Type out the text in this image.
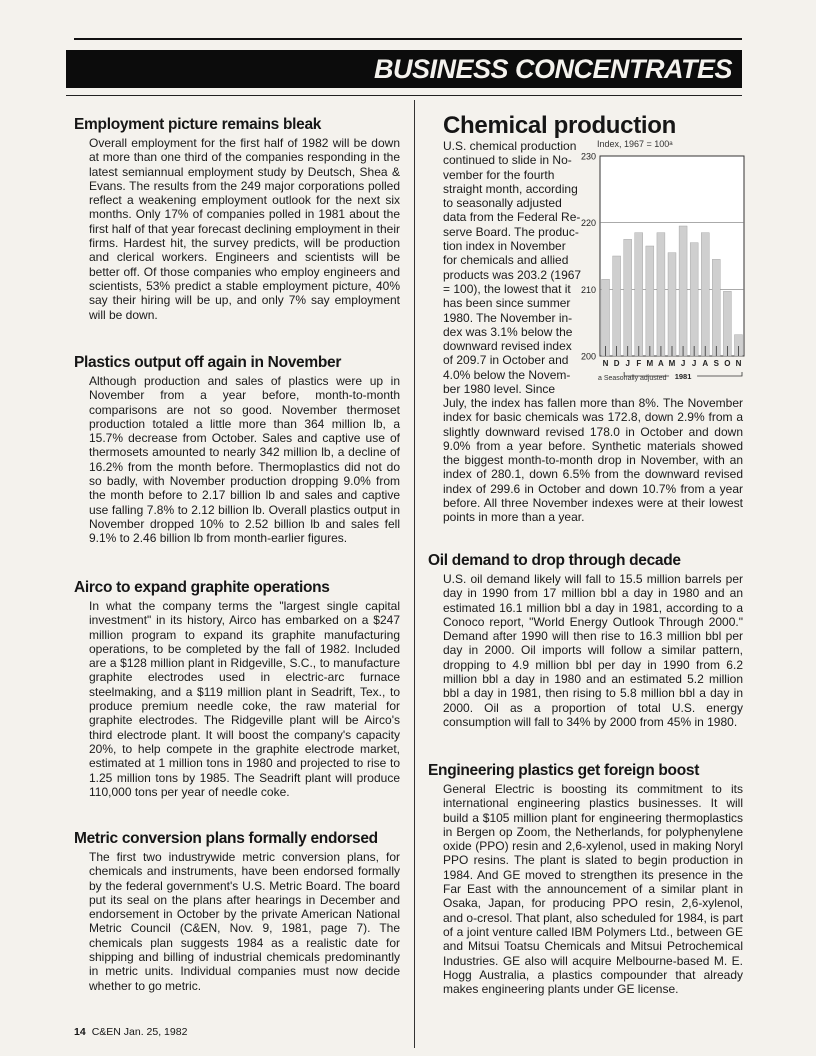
BUSINESS CONCENTRATES
Employment picture remains bleak

Overall employment for the first half of 1982 will be down at more than one third of the companies responding in the latest semiannual employment study by Deutsch, Shea & Evans. The results from the 249 major corporations polled reflect a weakening employment outlook for the next six months. Only 17% of companies polled in 1981 about the first half of that year forecast declining employment in their firms. Hardest hit, the survey predicts, will be production and clerical workers. Engineers and scientists will be better off. Of those companies who employ engineers and scientists, 53% predict a stable employment picture, 40% say their hiring will be up, and only 7% say employment will be down.

Plastics output off again in November

Although production and sales of plastics were up in November from a year before, month-to-month comparisons are not so good. November thermoset production totaled a little more than 364 million lb, a 15.7% decrease from October. Sales and captive use of thermosets amounted to nearly 342 million lb, a decline of 16.2% from the month before. Thermoplastics did not do so badly, with November production dropping 9.0% from the month before to 2.17 billion lb and sales and captive use falling 7.8% to 2.12 billion lb. Overall plastics output in November dropped 10% to 2.52 billion lb and sales fell 9.1% to 2.46 billion lb from month-earlier figures.

Airco to expand graphite operations

In what the company terms the "largest single capital investment" in its history, Airco has embarked on a $247 million program to expand its graphite manufacturing operations, to be completed by the fall of 1982. Included are a $128 million plant in Ridgeville, S.C., to manufacture graphite electrodes used in electric-arc furnace steelmaking, and a $119 million plant in Seadrift, Tex., to produce premium needle coke, the raw material for graphite electrodes. The Ridgeville plant will be Airco's third electrode plant. It will boost the company's capacity 20%, to help compete in the graphite electrode market, estimated at 1 million tons in 1980 and projected to rise to 1.25 million tons by 1985. The Seadrift plant will produce 110,000 tons per year of needle coke.

Metric conversion plans formally endorsed

The first two industrywide metric conversion plans, for chemicals and instruments, have been endorsed formally by the federal government's U.S. Metric Board. The board put its seal on the plans after hearings in December and endorsement in October by the private American National Metric Council (C&EN, Nov. 9, 1981, page 7). The chemicals plan suggests 1984 as a realistic date for shipping and billing of industrial chemicals predominantly in metric units. Individual companies must now decide whether to go metric.

Chemical production
U.S. chemical production
continued to slide in No-
vember for the fourth
straight month, according
to seasonally adjusted
data from the Federal Re-
serve Board. The produc-
tion index in November
for chemicals and allied
products was 203.2 (1967
= 100), the lowest that it
has been since summer
1980. The November in-
dex was 3.1% below the
downward revised index
of 209.7 in October and
4.0% below the Novem-
ber 1980 level. Since

July, the index has fallen more than 8%. The November index for basic chemicals was 172.8, down 2.9% from a slightly downward revised 178.0 in October and down 9.0% from a year before. Synthetic materials showed the biggest month-to-month drop in November, with an index of 280.1, down 6.5% from the downward revised index of 299.6 in October and down 10.7% from a year before. All three November indexes were at their lowest points in more than a year.

Index, 1967 = 100ᵃ
230
220
210
200
N D J F M A M J J A S O N
1981
a Seasonally adjusted
Oil demand to drop through decade

U.S. oil demand likely will fall to 15.5 million barrels per day in 1990 from 17 million bbl a day in 1980 and an estimated 16.1 million bbl a day in 1981, according to a Conoco report, "World Energy Outlook Through 2000." Demand after 1990 will then rise to 16.3 million bbl per day in 2000. Oil imports will follow a similar pattern, dropping to 4.9 million bbl per day in 1990 from 6.2 million bbl a day in 1980 and an estimated 5.2 million bbl a day in 1981, then rising to 5.8 million bbl a day in 2000. Oil as a proportion of total U.S. energy consumption will fall to 34% by 2000 from 45% in 1980.

Engineering plastics get foreign boost

General Electric is boosting its commitment to its international engineering plastics businesses. It will build a $105 million plant for engineering thermoplastics in Bergen op Zoom, the Netherlands, for polyphenylene oxide (PPO) resin and 2,6-xylenol, used in making Noryl PPO resins. The plant is slated to begin production in 1984. And GE moved to strengthen its presence in the Far East with the announcement of a similar plant in Osaka, Japan, for producing PPO resin, 2,6-xylenol, and o-cresol. That plant, also scheduled for 1984, is part of a joint venture called IBM Polymers Ltd., between GE and Mitsui Toatsu Chemicals and Mitsui Petrochemical Industries. GE also will acquire Melbourne-based M. E. Hogg Australia, a plastics compounder that already makes engineering plants under GE license.

14 C&EN Jan. 25, 1982
